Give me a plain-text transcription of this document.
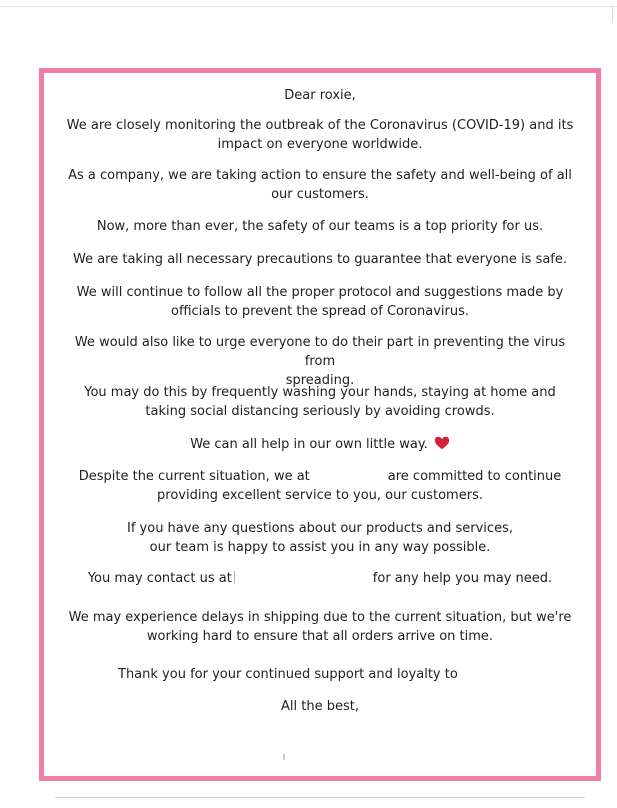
Dear roxie,

We are closely monitoring the outbreak of the Coronavirus (COVID-19) and its
impact on everyone worldwide.

As a company, we are taking action to ensure the safety and well-being of all
our customers.

Now, more than ever, the safety of our teams is a top priority for us.

We are taking all necessary precautions to guarantee that everyone is safe.

We will continue to follow all the proper protocol and suggestions made by
officials to prevent the spread of Coronavirus.

We would also like to urge everyone to do their part in preventing the virus from
spreading.

You may do this by frequently washing your hands, staying at home and
taking social distancing seriously by avoiding crowds.

We can all help in our own little way.

Despite the current situation, we at	are committed to continue
providing excellent service to you, our customers.

If you have any questions about our products and services,
our team is happy to assist you in any way possible.

You may contact us at	for any help you may need.

We may experience delays in shipping due to the current situation, but we're
working hard to ensure that all orders arrive on time.

Thank you for your continued support and loyalty to

All the best,
